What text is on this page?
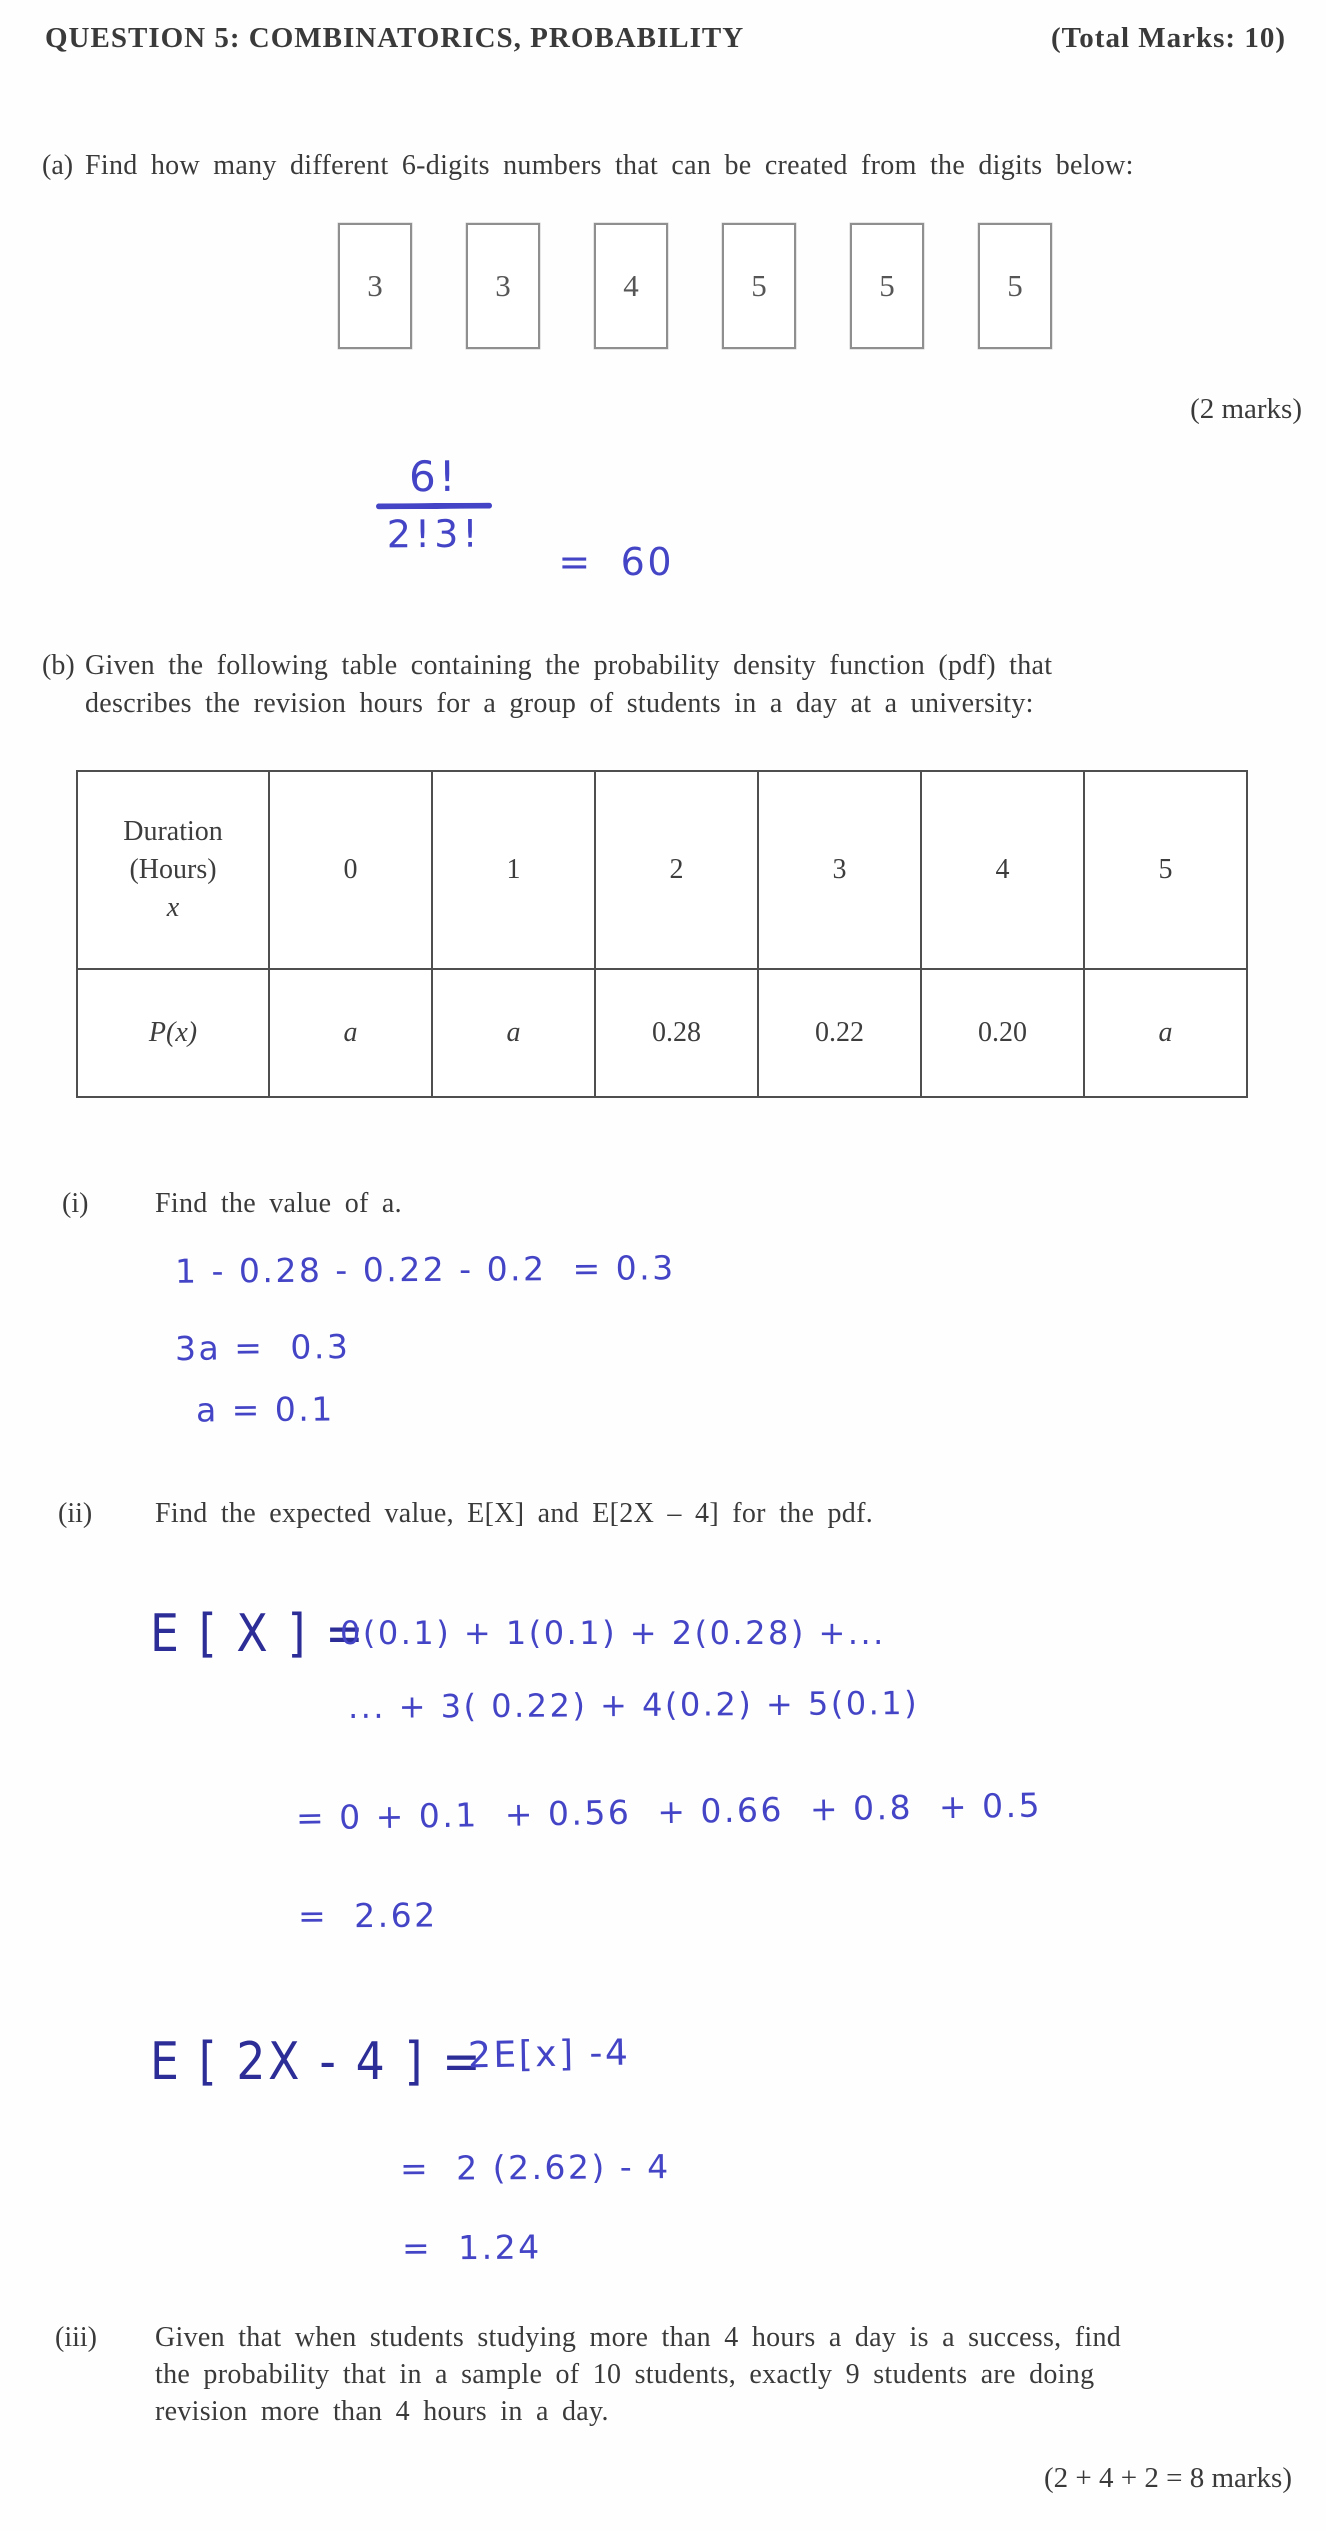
QUESTION 5: COMBINATORICS, PROBABILITY	(Total Marks: 10)
(a) Find how many different 6-digits numbers that can be created from the digits below:
3	3	4	5	5	5
(2 marks)
6!
2!3!

= 60

(b) Given the following table containing the probability density function (pdf) that
describes the revision hours for a group of students in a day at a university:
Duration
(Hours)
x	0	1	2	3	4	5
P(x)	a	a	0.28	0.22	0.20	a
(i) Find the value of a.
1 - 0.28 - 0.22 - 0.2  = 0.3
3a =  0.3
a = 0.1
(ii) Find the expected value, E[X] and E[2X – 4] for the pdf.
E [ X ] =
0(0.1) + 1(0.1) + 2(0.28) +...
... + 3( 0.22) + 4(0.2) + 5(0.1)
= 0 + 0.1  + 0.56  + 0.66  + 0.8  + 0.5
=  2.62
E [ 2X - 4 ] =
2E[x] -4
=  2 (2.62) - 4
=  1.24
(iii) Given that when students studying more than 4 hours a day is a success, find
the probability that in a sample of 10 students, exactly 9 students are doing
revision more than 4 hours in a day.
(2 + 4 + 2 = 8 marks)
